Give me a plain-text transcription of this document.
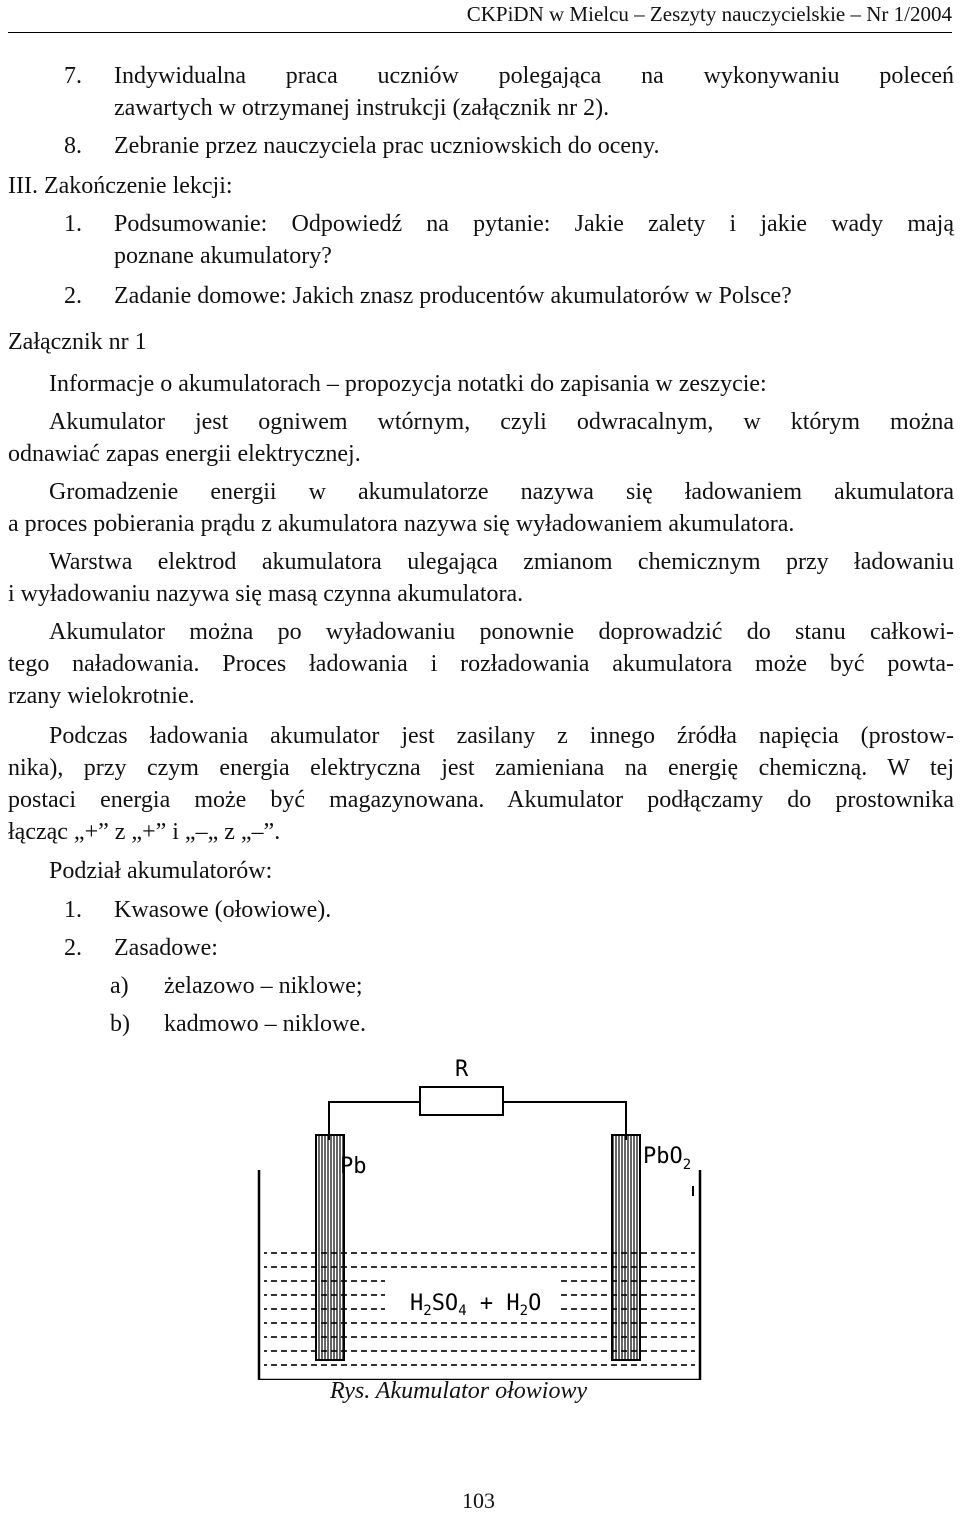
CKPiDN w Mielcu – Zeszyty nauczycielskie – Nr 1/2004
7. Indywidualna praca uczniów polegająca na wykonywaniu poleceń
zawartych w otrzymanej instrukcji (załącznik nr 2).
8. Zebranie przez nauczyciela prac uczniowskich do oceny.
III. Zakończenie lekcji:
1. Podsumowanie: Odpowiedź na pytanie: Jakie zalety i jakie wady mają
poznane akumulatory?
2. Zadanie domowe: Jakich znasz producentów akumulatorów w Polsce?
Załącznik nr 1
Informacje o akumulatorach – propozycja notatki do zapisania w zeszycie:
Akumulator jest ogniwem wtórnym, czyli odwracalnym, w którym można
odnawiać zapas energii elektrycznej.
Gromadzenie energii w akumulatorze nazywa się ładowaniem akumulatora
a proces pobierania prądu z akumulatora nazywa się wyładowaniem akumulatora.
Warstwa elektrod akumulatora ulegająca zmianom chemicznym przy ładowaniu
i wyładowaniu nazywa się masą czynna akumulatora.
Akumulator można po wyładowaniu ponownie doprowadzić do stanu całkowi-
tego naładowania. Proces ładowania i rozładowania akumulatora może być powta-
rzany wielokrotnie.
Podczas ładowania akumulator jest zasilany z innego źródła napięcia (prostow-
nika), przy czym energia elektryczna jest zamieniana na energię chemiczną. W tej
postaci energia może być magazynowana. Akumulator podłączamy do prostownika
łącząc „+” z „+” i „–„ z „–”.
Podział akumulatorów:
1. Kwasowe (ołowiowe).
2. Zasadowe:
a) żelazowo – niklowe;
b) kadmowo – niklowe.
R
Pb	PbO$_2$
$H_2SO_4 + H_2O$
Rys. Akumulator ołowiowy
103
